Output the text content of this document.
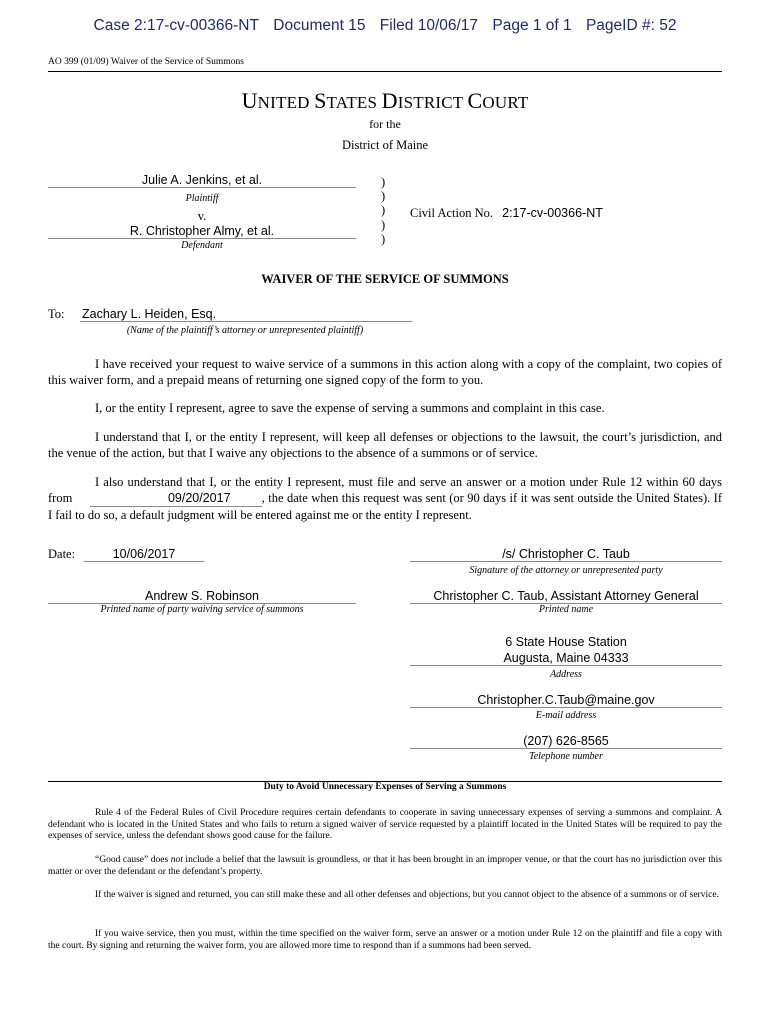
Case 2:17-cv-00366-NT Document 15 Filed 10/06/17 Page 1 of 1 PageID #: 52
AO 399 (01/09) Waiver of the Service of Summons
UNITED STATES DISTRICT COURT
for the
District of Maine
Julie A. Jenkins, et al.
Plaintiff
v.
R. Christopher Almy, et al.
Defendant
)
)
)
)
)
Civil Action No. 2:17-cv-00366-NT
WAIVER OF THE SERVICE OF SUMMONS
To: Zachary L. Heiden, Esq.
(Name of the plaintiff’s attorney or unrepresented plaintiff)
I have received your request to waive service of a summons in this action along with a copy of the complaint, two copies of this waiver form, and a prepaid means of returning one signed copy of the form to you.
I, or the entity I represent, agree to save the expense of serving a summons and complaint in this case.
I understand that I, or the entity I represent, will keep all defenses or objections to the lawsuit, the court’s jurisdiction, and the venue of the action, but that I waive any objections to the absence of a summons or of service.
I also understand that I, or the entity I represent, must file and serve an answer or a motion under Rule 12 within 60 days from	09/20/2017 , the date when this request was sent (or 90 days if it was sent outside the United States). If I fail to do so, a default judgment will be entered against me or the entity I represent.
Date:	10/06/2017	/s/ Christopher C. Taub
Signature of the attorney or unrepresented party
Andrew S. Robinson
Printed name of party waiving service of summons
Christopher C. Taub, Assistant Attorney General
Printed name
6 State House Station
Augusta, Maine 04333
Address
Christopher.C.Taub@maine.gov
E-mail address
(207) 626-8565
Telephone number
Duty to Avoid Unnecessary Expenses of Serving a Summons
Rule 4 of the Federal Rules of Civil Procedure requires certain defendants to cooperate in saving unnecessary expenses of serving a summons and complaint. A defendant who is located in the United States and who fails to return a signed waiver of service requested by a plaintiff located in the United States will be required to pay the expenses of service, unless the defendant shows good cause for the failure.
“Good cause” does not include a belief that the lawsuit is groundless, or that it has been brought in an improper venue, or that the court has no jurisdiction over this matter or over the defendant or the defendant’s property.
If the waiver is signed and returned, you can still make these and all other defenses and objections, but you cannot object to the absence of a summons or of service.
If you waive service, then you must, within the time specified on the waiver form, serve an answer or a motion under Rule 12 on the plaintiff and file a copy with the court. By signing and returning the waiver form, you are allowed more time to respond than if a summons had been served.
